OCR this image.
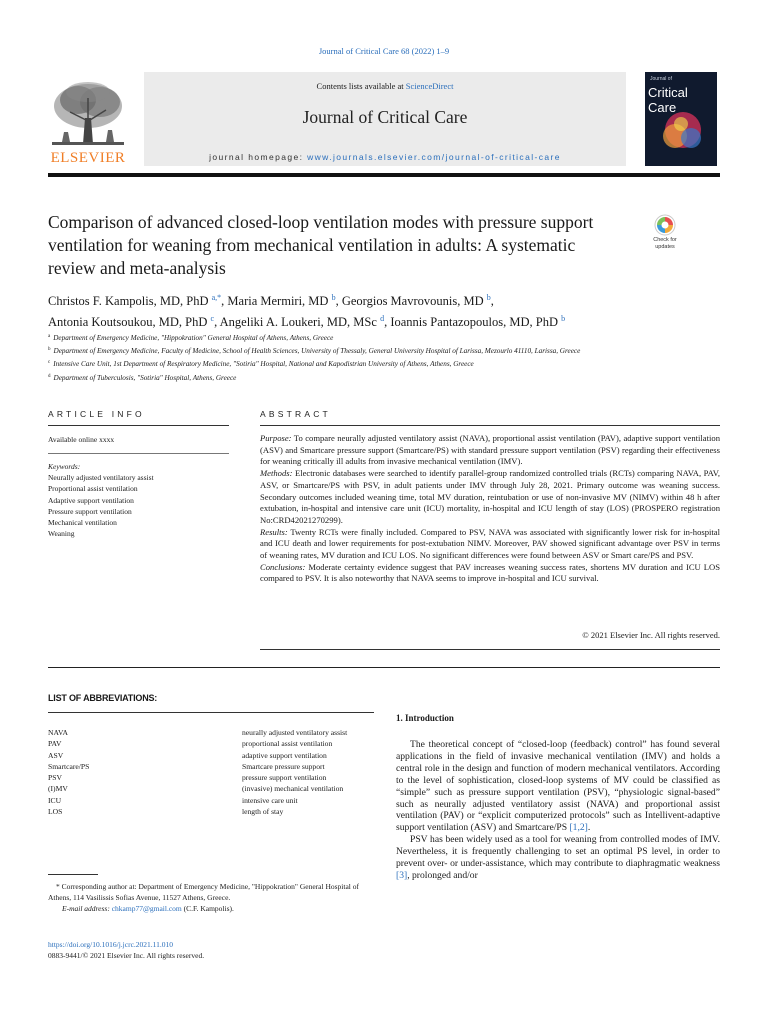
Journal of Critical Care 68 (2022) 1–9
Contents lists available at ScienceDirect
Journal of Critical Care
journal homepage: www.journals.elsevier.com/journal-of-critical-care
ELSEVIER
Journal of
Critical Care
Comparison of advanced closed-loop ventilation modes with pressure support ventilation for weaning from mechanical ventilation in adults: A systematic review and meta-analysis
Check for updates
Christos F. Kampolis, MD, PhD $^{a,*}$, Maria Mermiri, MD $^b$, Georgios Mavrovounis, MD $^b$,
Antonia Koutsoukou, MD, PhD $^c$, Angeliki A. Loukeri, MD, MSc $^d$, Ioannis Pantazopoulos, MD, PhD $^b$
$^a$ Department of Emergency Medicine, "Hippokration" General Hospital of Athens, Athens, Greece
$^b$ Department of Emergency Medicine, Faculty of Medicine, School of Health Sciences, University of Thessaly, General University Hospital of Larissa, Mezourlo 41110, Larissa, Greece
$^c$ Intensive Care Unit, 1st Department of Respiratory Medicine, "Sotiria" Hospital, National and Kapodistrian University of Athens, Athens, Greece
$^d$ Department of Tuberculosis, "Sotiria" Hospital, Athens, Greece
ARTICLE INFO
Available online xxxx
Keywords:
Neurally adjusted ventilatory assist
Proportional assist ventilation
Adaptive support ventilation
Pressure support ventilation
Mechanical ventilation
Weaning
ABSTRACT
Purpose: To compare neurally adjusted ventilatory assist (NAVA), proportional assist ventilation (PAV), adaptive support ventilation (ASV) and Smartcare pressure support (Smartcare/PS) with standard pressure support ventilation (PSV) regarding their effectiveness for weaning critically ill adults from invasive mechanical ventilation (IMV).
Methods: Electronic databases were searched to identify parallel-group randomized controlled trials (RCTs) comparing NAVA, PAV, ASV, or Smartcare/PS with PSV, in adult patients under IMV through July 28, 2021. Primary outcome was weaning success. Secondary outcomes included weaning time, total MV duration, reintubation or use of non-invasive MV (NIMV) within 48 h after extubation, in-hospital and intensive care unit (ICU) mortality, in-hospital and ICU length of stay (LOS) (PROSPERO registration No:CRD42021270299).
Results: Twenty RCTs were finally included. Compared to PSV, NAVA was associated with significantly lower risk for in-hospital and ICU death and lower requirements for post-extubation NIMV. Moreover, PAV showed significant advantage over PSV in terms of weaning rates, MV duration and ICU LOS. No significant differences were found between ASV or Smart care/PS and PSV.
Conclusions: Moderate certainty evidence suggest that PAV increases weaning success rates, shortens MV duration and ICU LOS compared to PSV. It is also noteworthy that NAVA seems to improve in-hospital and ICU survival.
© 2021 Elsevier Inc. All rights reserved.
LIST OF ABBREVIATIONS:
NAVA	neurally adjusted ventilatory assist
PAV	proportional assist ventilation
ASV	adaptive support ventilation
Smartcare/PS	Smartcare pressure support
PSV	pressure support ventilation
(I)MV	(invasive) mechanical ventilation
ICU	intensive care unit
LOS	length of stay
* Corresponding author at: Department of Emergency Medicine, "Hippokration" General Hospital of Athens, 114 Vasilissis Sofias Avenue, 11527 Athens, Greece.
E-mail address: chkamp77@gmail.com (C.F. Kampolis).
https://doi.org/10.1016/j.jcrc.2021.11.010
0883-9441/© 2021 Elsevier Inc. All rights reserved.
1. Introduction

The theoretical concept of “closed-loop (feedback) control” has found several applications in the field of invasive mechanical ventilation (IMV) and holds a central role in the design and function of modern mechanical ventilators. According to the level of sophistication, closed-loop systems of MV could be classified as “simple” such as pressure support ventilation (PSV), “physiologic signal-based” such as neurally adjusted ventilatory assist (NAVA) and proportional assist ventilation (PAV) or “explicit computerized protocols” such as Intellivent-adaptive support ventilation (ASV) and Smartcare/PS [1,2].

PSV has been widely used as a tool for weaning from controlled modes of IMV. Nevertheless, it is frequently challenging to set an optimal PS level, in order to prevent over- or under-assistance, which may contribute to diaphragmatic weakness [3], prolonged and/or
